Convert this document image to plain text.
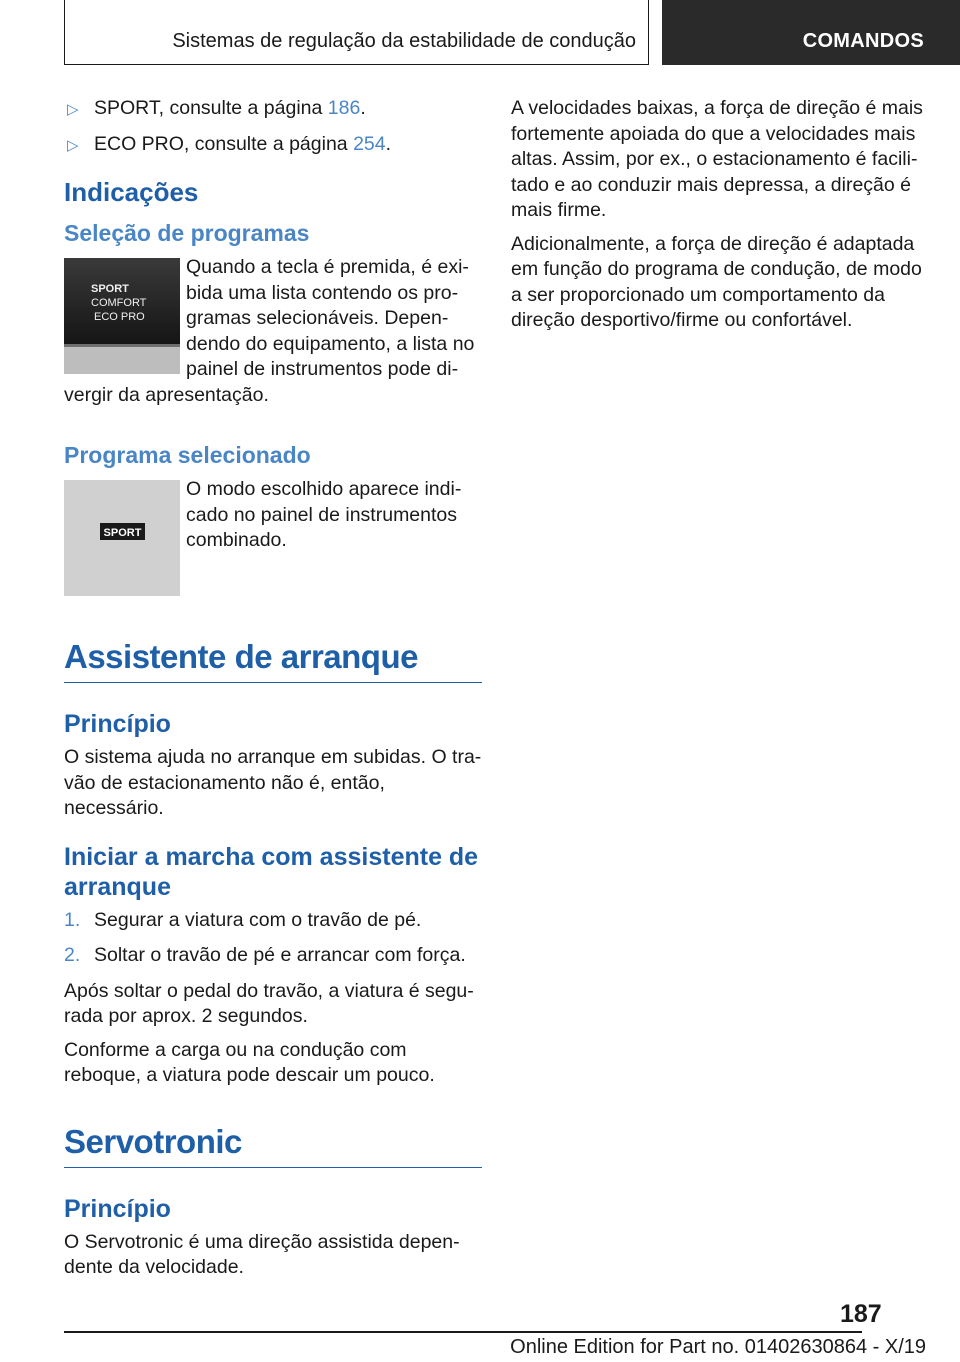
Sistemas de regulação da estabilidade de condução	COMANDOS
▷ SPORT, consulte a página 186.
▷ ECO PRO, consulte a página 254.
Indicações
Seleção de programas
SPORT
COMFORT
ECO PRO

Quando a tecla é premida, é exibida uma lista contendo os programas selecionáveis. Dependendo do equipamento, a lista no painel de instrumentos pode divergir da apresentação.

Programa selecionado
SPORT

O modo escolhido aparece indicado no painel de instrumentos combinado.

Assistente de arranque
Princípio

O sistema ajuda no arranque em subidas. O travão de estacionamento não é, então, necessário.

Iniciar a marcha com assistente de arranque
1. Segurar a viatura com o travão de pé.
2. Soltar o travão de pé e arrancar com força.

Após soltar o pedal do travão, a viatura é segurada por aprox. 2 segundos.

Conforme a carga ou na condução com reboque, a viatura pode descair um pouco.

Servotronic
Princípio

O Servotronic é uma direção assistida dependente da velocidade.

A velocidades baixas, a força de direção é mais fortemente apoiada do que a velocidades mais altas. Assim, por ex., o estacionamento é facilitado e ao conduzir mais depressa, a direção é mais firme.

Adicionalmente, a força de direção é adaptada em função do programa de condução, de modo a ser proporcionado um comportamento da direção desportivo/firme ou confortável.

187
Online Edition for Part no. 01402630864 - X/19
